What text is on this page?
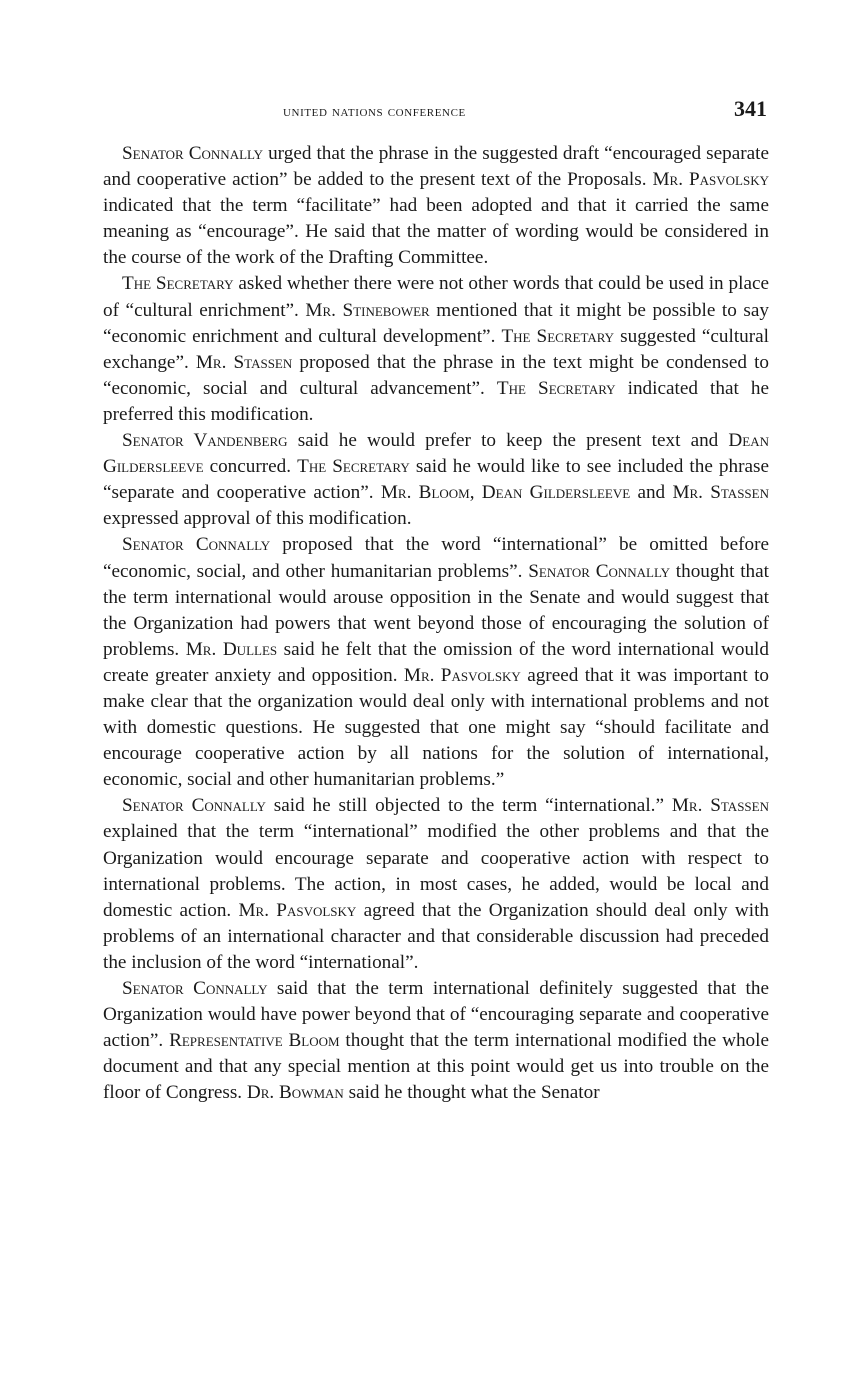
united nations conference	341

Senator Connally urged that the phrase in the suggested draft “encouraged separate and cooperative action” be added to the present text of the Proposals. Mr. Pasvolsky indicated that the term “facilitate” had been adopted and that it carried the same meaning as “encourage”. He said that the matter of wording would be considered in the course of the work of the Drafting Committee.

The Secretary asked whether there were not other words that could be used in place of “cultural enrichment”. Mr. Stinebower mentioned that it might be possible to say “economic enrichment and cultural development”. The Secretary suggested “cultural exchange”. Mr. Stassen proposed that the phrase in the text might be condensed to “economic, social and cultural advancement”. The Secretary indicated that he preferred this modification.

Senator Vandenberg said he would prefer to keep the present text and Dean Gildersleeve concurred. The Secretary said he would like to see included the phrase “separate and cooperative action”. Mr. Bloom, Dean Gildersleeve and Mr. Stassen expressed approval of this modification.

Senator Connally proposed that the word “international” be omitted before “economic, social, and other humanitarian problems”. Senator Connally thought that the term international would arouse opposition in the Senate and would suggest that the Organization had powers that went beyond those of encouraging the solution of problems. Mr. Dulles said he felt that the omission of the word international would create greater anxiety and opposition. Mr. Pasvolsky agreed that it was important to make clear that the organization would deal only with international problems and not with domestic questions. He suggested that one might say “should facilitate and encourage cooperative action by all nations for the solution of international, economic, social and other humanitarian problems.”

Senator Connally said he still objected to the term “international.” Mr. Stassen explained that the term “international” modified the other problems and that the Organization would encourage separate and cooperative action with respect to international problems. The action, in most cases, he added, would be local and domestic action. Mr. Pasvolsky agreed that the Organization should deal only with problems of an international character and that considerable discussion had preceded the inclusion of the word “international”.

Senator Connally said that the term international definitely suggested that the Organization would have power beyond that of “encouraging separate and cooperative action”. Representative Bloom thought that the term international modified the whole document and that any special mention at this point would get us into trouble on the floor of Congress. Dr. Bowman said he thought what the Senator
